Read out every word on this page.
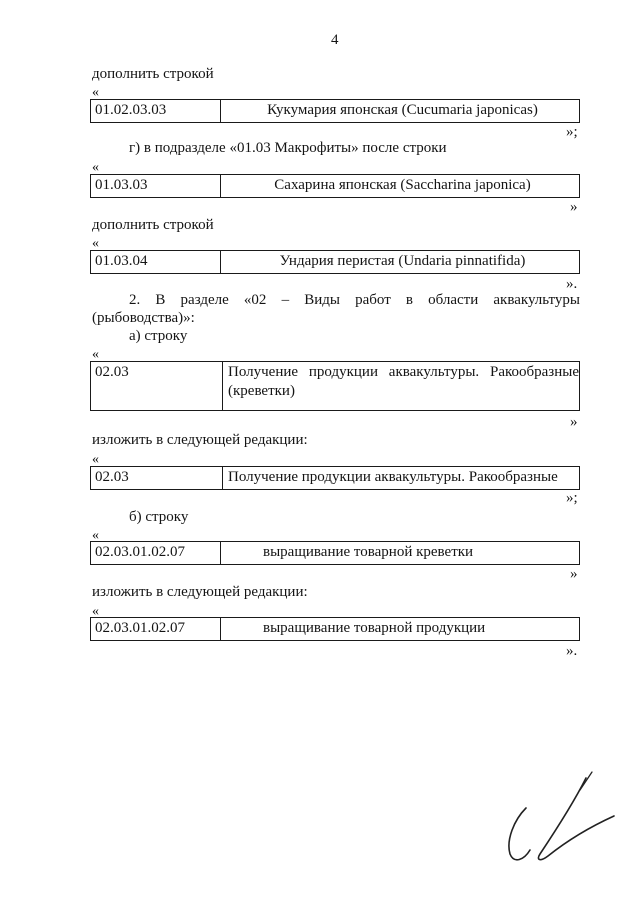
4
дополнить строкой
«
01.02.03.03	Кукумария японская (Cucumaria japonicas)
»;
г) в подразделе «01.03 Макрофиты» после строки
«
01.03.03	Сахарина японская (Saccharina japonica)
»
дополнить строкой
«
01.03.04	Ундария перистая (Undaria pinnatifida)
».
2. В разделе «02 – Виды работ в области аквакультуры
(рыбоводства)»:
а) строку
«
02.03	Получение продукции аквакультуры. Ракообразные
(креветки)
»
изложить в следующей редакции:
«
02.03	Получение продукции аквакультуры. Ракообразные
»;
б) строку
«
02.03.01.02.07	выращивание товарной креветки
»
изложить в следующей редакции:
«
02.03.01.02.07	выращивание товарной продукции
».
